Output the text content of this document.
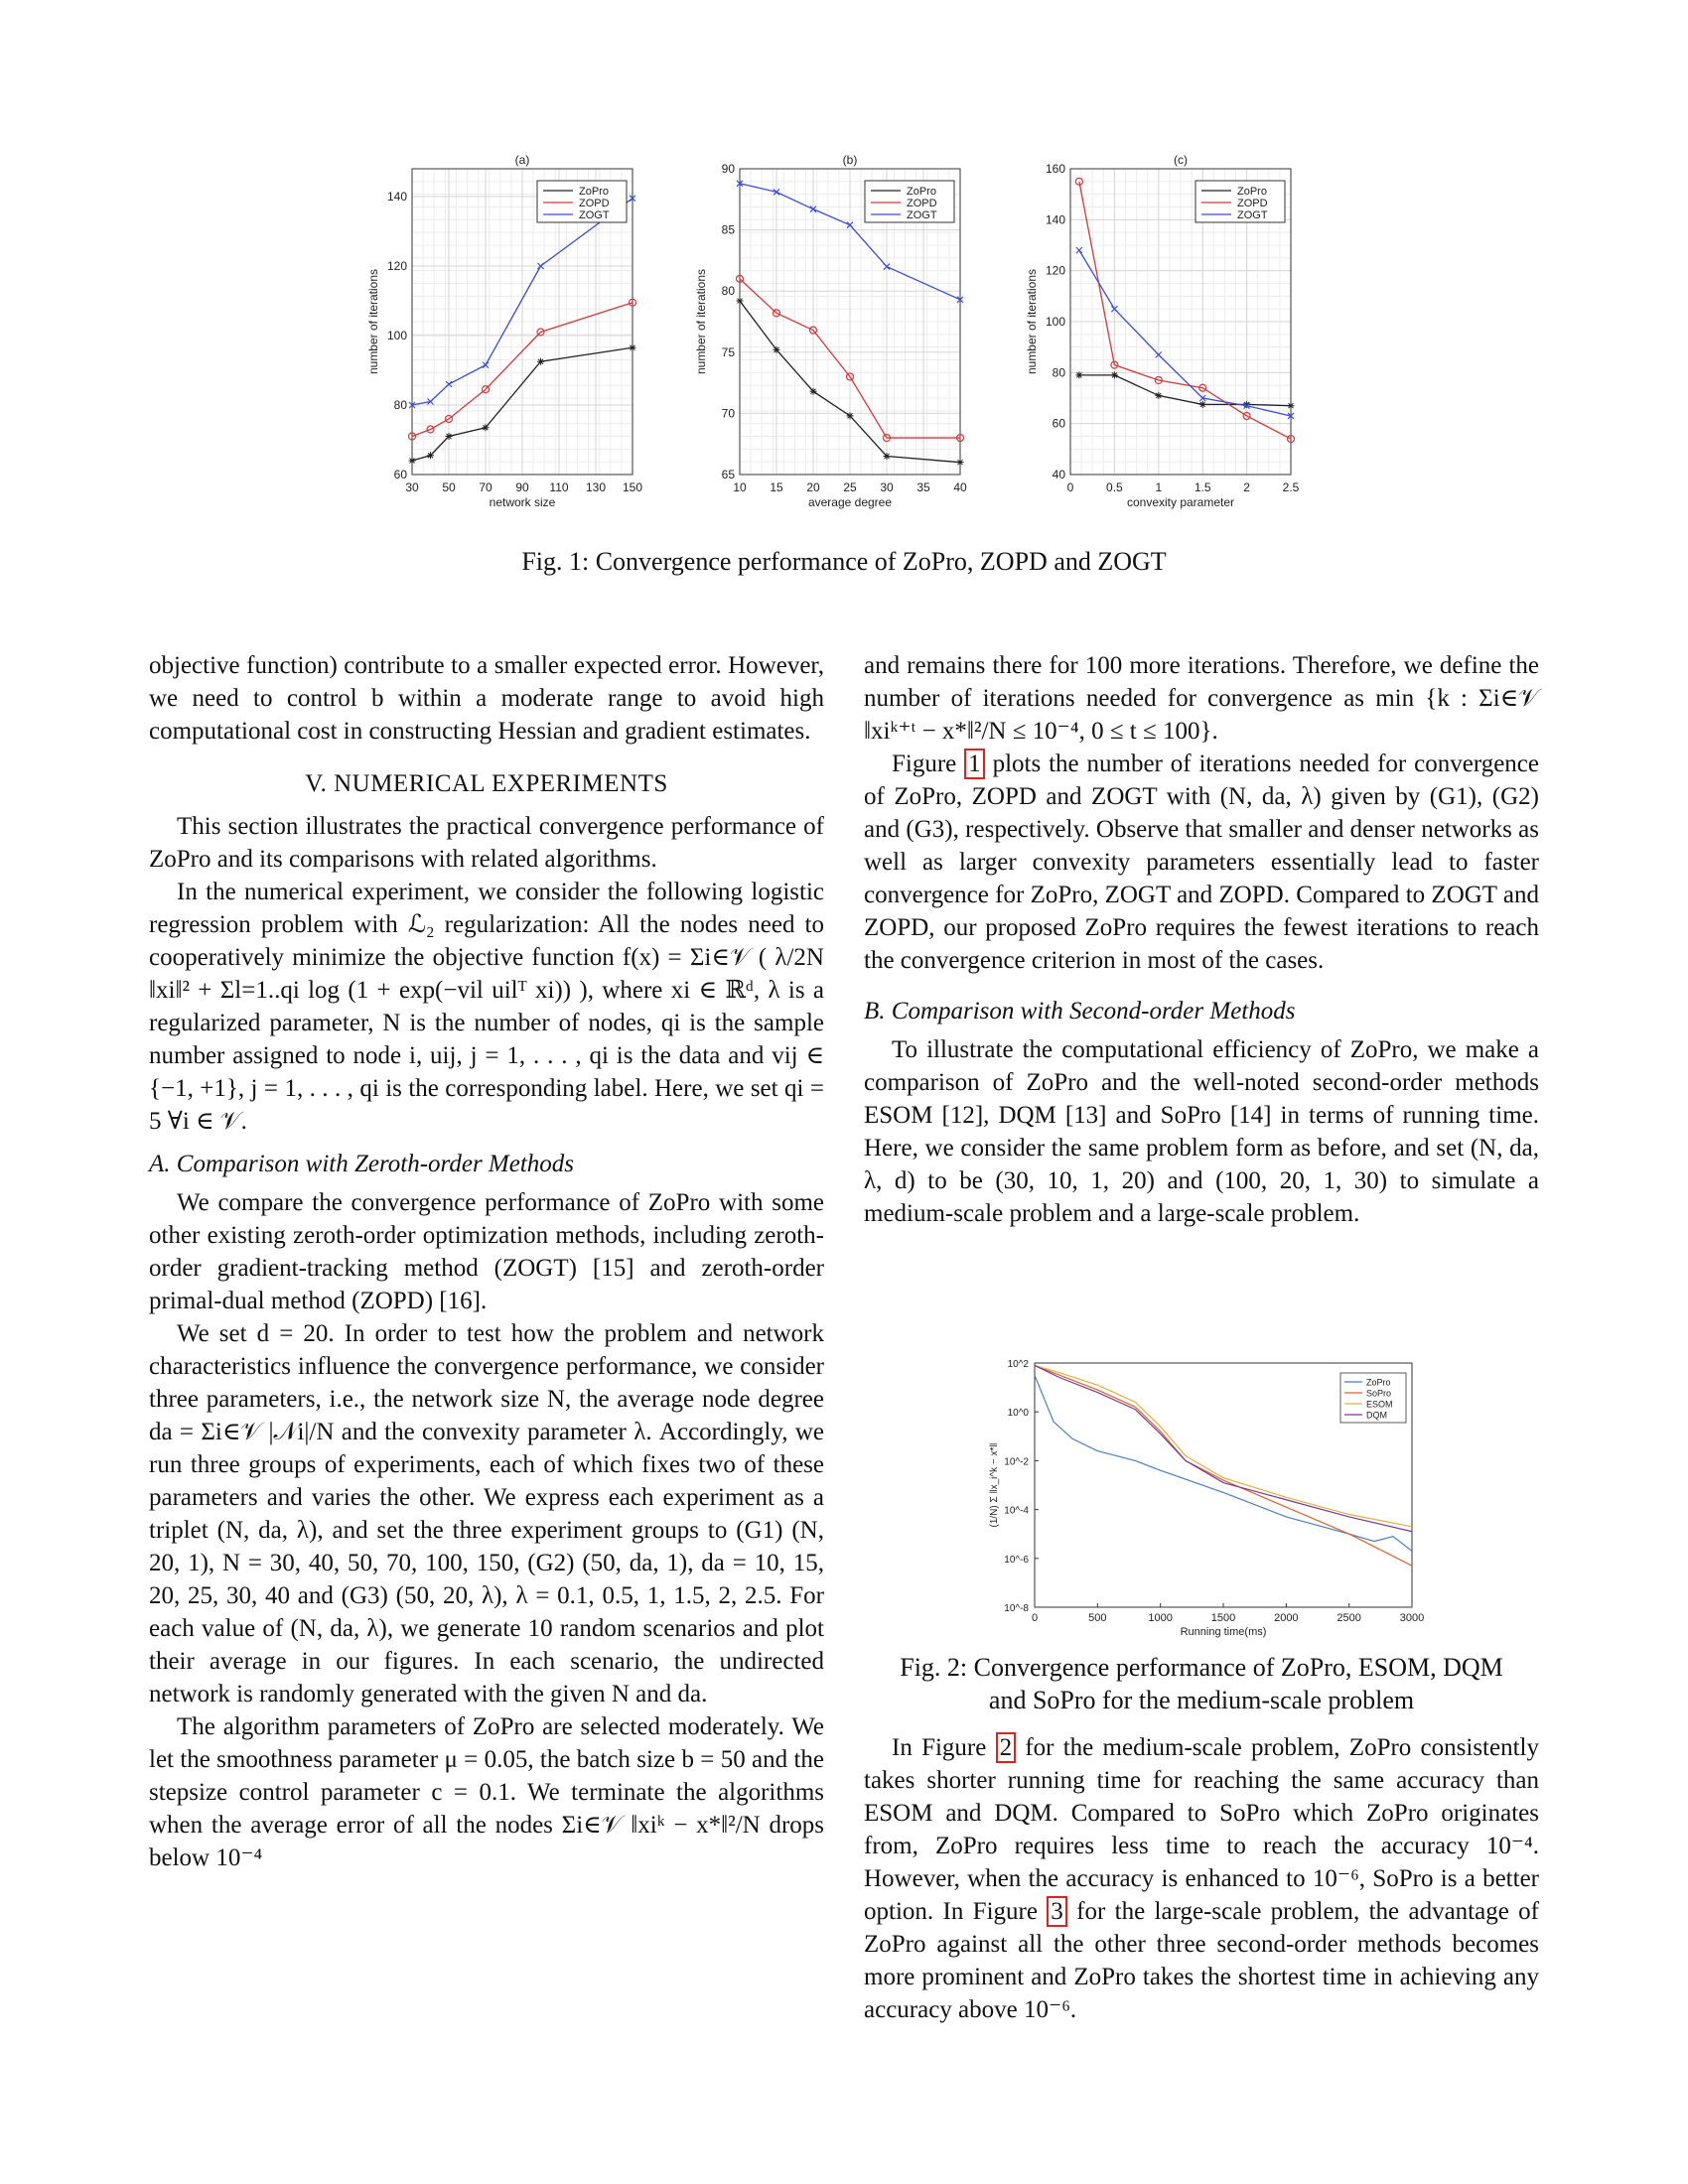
30 50 70 90 110 130 150
60
80
100
120
140
(a)
network size
number of iterations
ZoPro
ZOPD
ZOGT
10 15 20 25 30 35 40
65
70
75
80
85
90
(b)
average degree
number of iterations
ZoPro
ZOPD
ZOGT
0	0.5	1	1.5	2	2.5
40
60
80
100
120
140
160
(c)
convexity parameter
number of iterations
ZoPro
ZOPD
ZOGT
Fig. 1: Convergence performance of ZoPro, ZOPD and ZOGT

objective function) contribute to a smaller expected error. However, we need to control b within a moderate range to avoid high computational cost in constructing Hessian and gradient estimates.

V. NUMERICAL EXPERIMENTS

This section illustrates the practical convergence performance of ZoPro and its comparisons with related algorithms.

In the numerical experiment, we consider the following logistic regression problem with ℒ₂ regularization: All the nodes need to cooperatively minimize the objective function f(x) = Σi∈𝒱 ( λ/2N ‖xi‖² + Σl=1..qi log (1 + exp(−vil uilᵀ xi)) ), where xi ∈ ℝᵈ, λ is a regularized parameter, N is the number of nodes, qi is the sample number assigned to node i, uij, j = 1, . . . , qi is the data and vij ∈ {−1, +1}, j = 1, . . . , qi is the corresponding label. Here, we set qi = 5 ∀i ∈ 𝒱.

A. Comparison with Zeroth-order Methods

We compare the convergence performance of ZoPro with some other existing zeroth-order optimization methods, including zeroth-order gradient-tracking method (ZOGT) [15] and zeroth-order primal-dual method (ZOPD) [16].

We set d = 20. In order to test how the problem and network characteristics influence the convergence performance, we consider three parameters, i.e., the network size N, the average node degree da = Σi∈𝒱 |𝒩i|/N and the convexity parameter λ. Accordingly, we run three groups of experiments, each of which fixes two of these parameters and varies the other. We express each experiment as a triplet (N, da, λ), and set the three experiment groups to (G1) (N, 20, 1), N = 30, 40, 50, 70, 100, 150, (G2) (50, da, 1), da = 10, 15, 20, 25, 30, 40 and (G3) (50, 20, λ), λ = 0.1, 0.5, 1, 1.5, 2, 2.5. For each value of (N, da, λ), we generate 10 random scenarios and plot their average in our figures. In each scenario, the undirected network is randomly generated with the given N and da.

The algorithm parameters of ZoPro are selected moderately. We let the smoothness parameter μ = 0.05, the batch size b = 50 and the stepsize control parameter c = 0.1. We terminate the algorithms when the average error of all the nodes Σi∈𝒱 ‖xiᵏ − x*‖²/N drops below 10⁻⁴

and remains there for 100 more iterations. Therefore, we define the number of iterations needed for convergence as min {k : Σi∈𝒱 ‖xiᵏ⁺ᵗ − x*‖²/N ≤ 10⁻⁴, 0 ≤ t ≤ 100}.

Figure 1 plots the number of iterations needed for convergence of ZoPro, ZOPD and ZOGT with (N, da, λ) given by (G1), (G2) and (G3), respectively. Observe that smaller and denser networks as well as larger convexity parameters essentially lead to faster convergence for ZoPro, ZOGT and ZOPD. Compared to ZOGT and ZOPD, our proposed ZoPro requires the fewest iterations to reach the convergence criterion in most of the cases.

B. Comparison with Second-order Methods

To illustrate the computational efficiency of ZoPro, we make a comparison of ZoPro and the well-noted second-order methods ESOM [12], DQM [13] and SoPro [14] in terms of running time. Here, we consider the same problem form as before, and set (N, da, λ, d) to be (30, 10, 1, 20) and (100, 20, 1, 30) to simulate a medium-scale problem and a large-scale problem.

0	500	1000	1500	2000	2500	3000
10^2
10^0
10^-2
10^-4
10^-6
10^-8
Running time(ms)
(1/N) Σ ‖x_i^k − x*‖
ZoPro
SoPro
ESOM
DQM
Fig. 2: Convergence performance of ZoPro, ESOM, DQM
and SoPro for the medium-scale problem

In Figure 2 for the medium-scale problem, ZoPro consistently takes shorter running time for reaching the same accuracy than ESOM and DQM. Compared to SoPro which ZoPro originates from, ZoPro requires less time to reach the accuracy 10⁻⁴. However, when the accuracy is enhanced to 10⁻⁶, SoPro is a better option. In Figure 3 for the large-scale problem, the advantage of ZoPro against all the other three second-order methods becomes more prominent and ZoPro takes the shortest time in achieving any accuracy above 10⁻⁶.
